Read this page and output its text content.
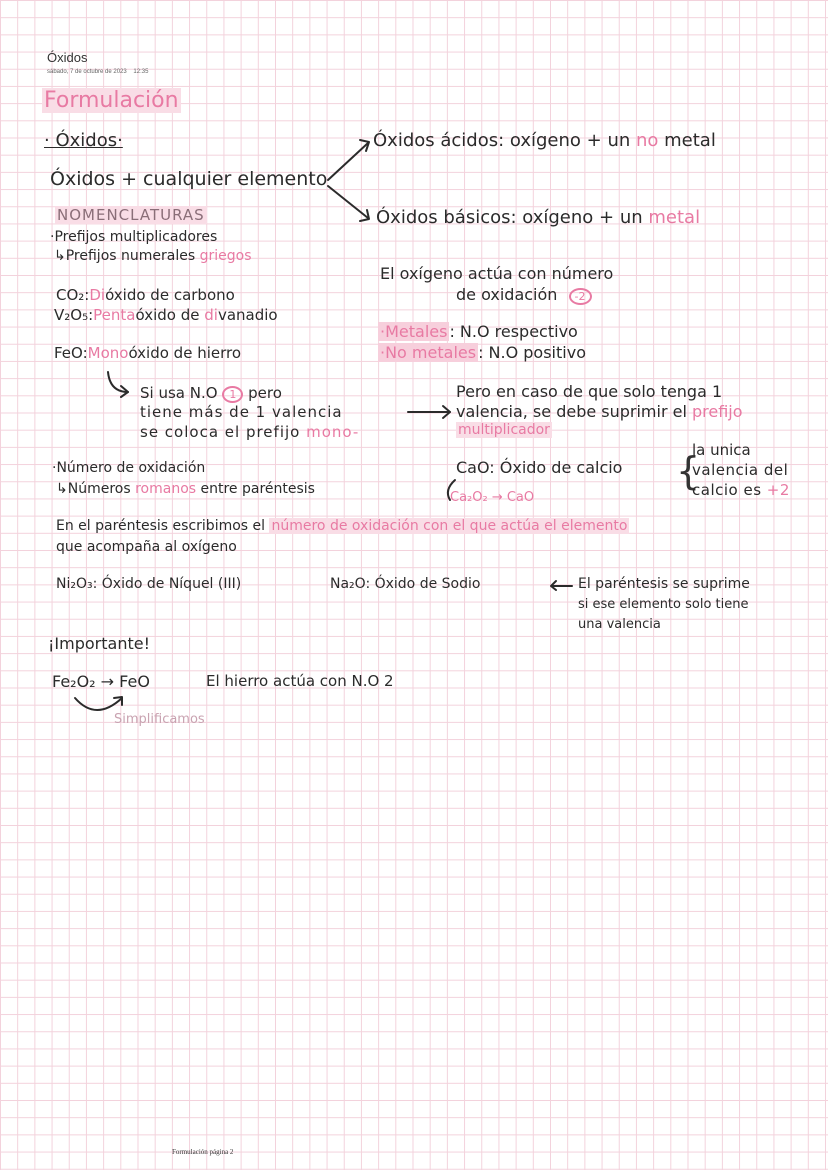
Óxidos
sábado, 7 de octubre de 2023 12:35
Formulación
· Óxidos·
Óxidos + cualquier elemento
Óxidos ácidos: oxígeno + un no metal
Óxidos básicos: oxígeno + un metal
NOMENCLATURAS
·Prefijos multiplicadores
↳Prefijos numerales griegos
CO₂:Dióxido de carbono
V₂O₅:Pentaóxido de divanadio
FeO:Monoóxido de hierro
El oxígeno actúa con número
de oxidación -2
·Metales : N.O respectivo
·No metales : N.O positivo
Si usa N.O 1 pero
tiene más de 1 valencia
se coloca el prefijo mono-
Pero en caso de que solo tenga 1
valencia, se debe suprimir el prefijo
multiplicador
·Número de oxidación
↳Números romanos entre paréntesis
CaO: Óxido de calcio
Ca₂O₂ → CaO
{
la unica
valencia del
calcio es +2
En el paréntesis escribimos el número de oxidación con el que actúa el elemento
que acompaña al oxígeno
Ni₂O₃: Óxido de Níquel (III)	Na₂O: Óxido de Sodio	El paréntesis se suprime
si ese elemento solo tiene
una valencia
¡Importante!
Fe₂O₂ → FeO	El hierro actúa con N.O 2
Simplificamos
Formulación página 2
